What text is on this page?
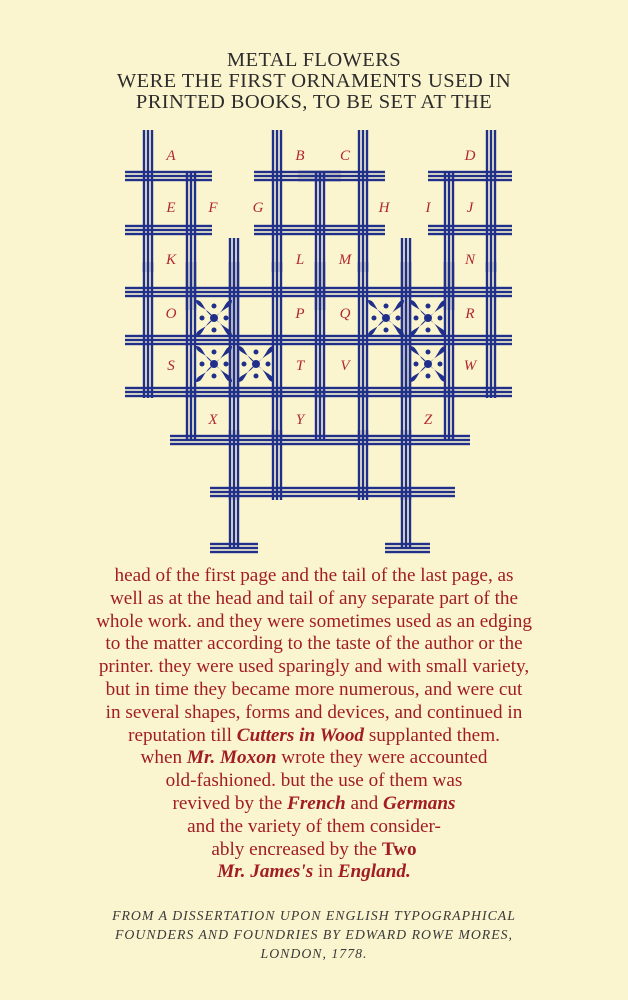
METAL FLOWERS
WERE THE FIRST ORNAMENTS USED IN
PRINTED BOOKS, TO BE SET AT THE
A	B C	D
E F G	H I J
K	L M	N
O	P Q	R
S	T V	W
X	Y	Z
head of the first page and the tail of the last page, as
well as at the head and tail of any separate part of the
whole work. and they were sometimes used as an edging
to the matter according to the taste of the author or the
printer. they were used sparingly and with small variety,
but in time they became more numerous, and were cut
in several shapes, forms and devices, and continued in
reputation till Cutters in Wood supplanted them.
when Mr. Moxon wrote they were accounted
old-fashioned. but the use of them was
revived by the French and Germans
and the variety of them consider-
ably encreased by the Two
Mr. James's in England.
FROM A DISSERTATION UPON ENGLISH TYPOGRAPHICAL
FOUNDERS AND FOUNDRIES BY EDWARD ROWE MORES,
LONDON, 1778.
